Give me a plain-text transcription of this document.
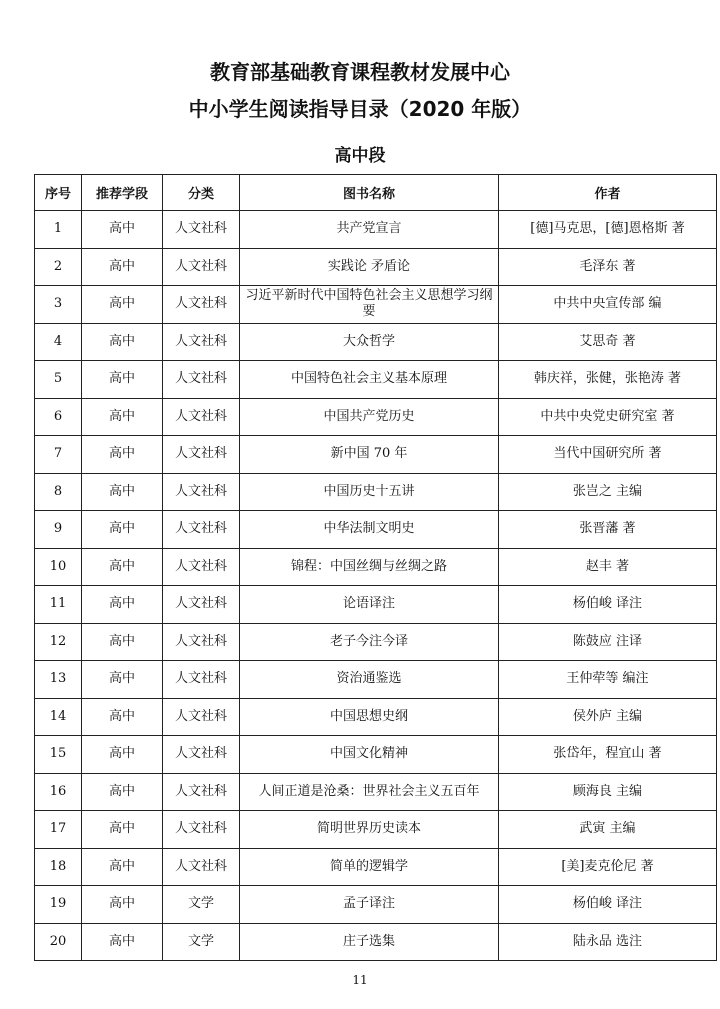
教育部基础教育课程教材发展中心
中小学生阅读指导目录（2020 年版）
高中段
序号	推荐学段	分类	图书名称	作者
1	高中	人文社科	共产党宣言	[德]马克思，[德]恩格斯 著
2	高中	人文社科	实践论 矛盾论	毛泽东 著
3	高中	人文社科	习近平新时代中国特色社会主义思想学习纲要	中共中央宣传部 编
4	高中	人文社科	大众哲学	艾思奇 著
5	高中	人文社科	中国特色社会主义基本原理	韩庆祥，张健，张艳涛 著
6	高中	人文社科	中国共产党历史	中共中央党史研究室 著
7	高中	人文社科	新中国 70 年	当代中国研究所 著
8	高中	人文社科	中国历史十五讲	张岂之 主编
9	高中	人文社科	中华法制文明史	张晋藩 著
10	高中	人文社科	锦程：中国丝绸与丝绸之路	赵丰 著
11	高中	人文社科	论语译注	杨伯峻 译注
12	高中	人文社科	老子今注今译	陈鼓应 注译
13	高中	人文社科	资治通鉴选	王仲荦等 编注
14	高中	人文社科	中国思想史纲	侯外庐 主编
15	高中	人文社科	中国文化精神	张岱年，程宜山 著
16	高中	人文社科	人间正道是沧桑：世界社会主义五百年	顾海良 主编
17	高中	人文社科	简明世界历史读本	武寅 主编
18	高中	人文社科	简单的逻辑学	[美]麦克伦尼 著
19	高中	文学	孟子译注	杨伯峻 译注
20	高中	文学	庄子选集	陆永品 选注
11
